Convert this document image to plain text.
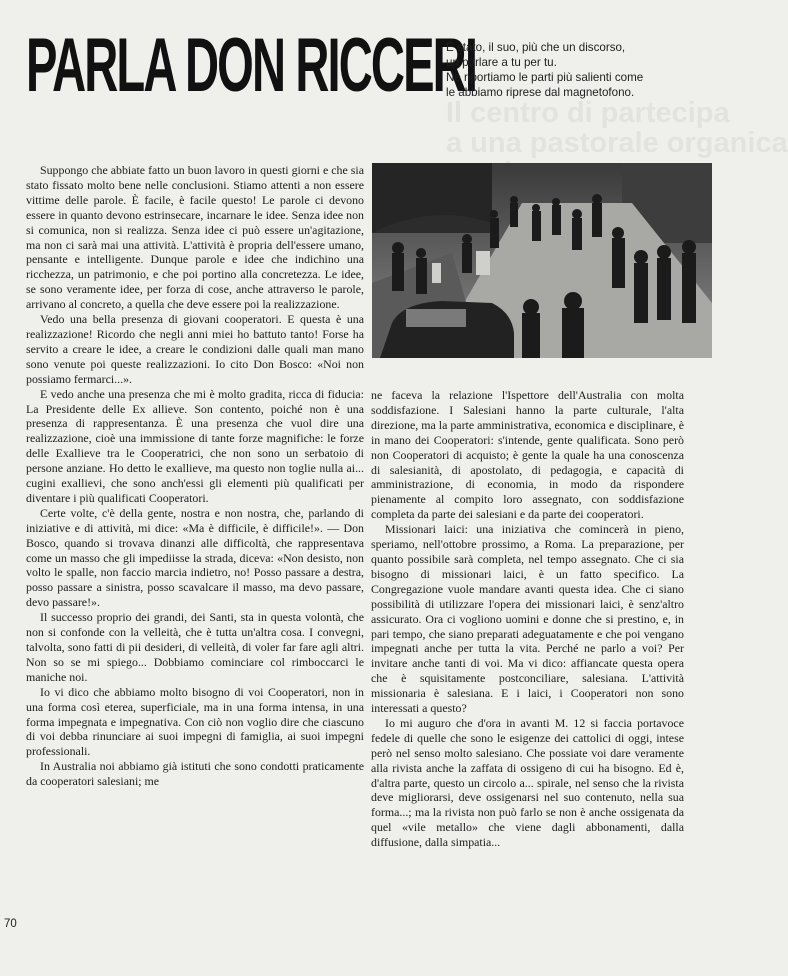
Il centro di partecipa
a una pastorale organica
PARLA DON RICCERI
È stato, il suo, più che un discorso,
un parlare a tu per tu.
Ne riportiamo le parti più salienti come
le abbiamo riprese dal magnetofono.

Suppongo che abbiate fatto un buon lavoro in questi giorni e che sia stato fissato molto bene nelle conclusioni. Stiamo attenti a non essere vittime delle parole. È facile, è facile questo! Le parole ci devono essere in quanto devono estrinsecare, incarnare le idee. Senza idee non si comunica, non si realizza. Senza idee ci può essere un'agitazione, ma non ci sarà mai una attività. L'attività è propria dell'essere umano, pensante e intelligente. Dunque parole e idee che indichino una ricchezza, un patrimonio, e che poi portino alla concretezza. Le idee, se sono veramente idee, per forza di cose, anche attraverso le parole, arrivano al concreto, a quella che deve essere poi la realizzazione.

Vedo una bella presenza di giovani cooperatori. E questa è una realizzazione! Ricordo che negli anni miei ho battuto tanto! Forse ha servito a creare le idee, a creare le condizioni dalle quali man mano sono venute poi queste realizzazioni. Io cito Don Bosco: «Noi non possiamo fermarci...».

E vedo anche una presenza che mi è molto gradita, ricca di fiducia: La Presidente delle Ex allieve. Son contento, poiché non è una presenza di rappresentanza. È una presenza che vuol dire una realizzazione, cioè una immissione di tante forze magnifiche: le forze delle Exallieve tra le Cooperatrici, che non sono un serbatoio di persone anziane. Ho detto le exallieve, ma questo non toglie nulla ai... cugini exallievi, che sono anch'essi gli elementi più qualificati per diventare i più qualificati Cooperatori.

Certe volte, c'è della gente, nostra e non nostra, che, parlando di iniziative e di attività, mi dice: «Ma è difficile, è difficile!». — Don Bosco, quando si trovava dinanzi alle difficoltà, che rappresentava come un masso che gli impediisse la strada, diceva: «Non desisto, non volto le spalle, non faccio marcia indietro, no! Posso passare a destra, posso passare a sinistra, posso scavalcare il masso, ma devo passare, devo passare!».

Il successo proprio dei grandi, dei Santi, sta in questa volontà, che non si confonde con la velleità, che è tutta un'altra cosa. I convegni, talvolta, sono fatti di pii desideri, di velleità, di voler far fare agli altri. Non so se mi spiego... Dobbiamo cominciare col rimboccarci le maniche noi.

Io vi dico che abbiamo molto bisogno di voi Cooperatori, non in una forma così eterea, superficiale, ma in una forma intensa, in una forma impegnata e impegnativa. Con ciò non voglio dire che ciascuno di voi debba rinunciare ai suoi impegni di famiglia, ai suoi impegni professionali.

In Australia noi abbiamo già istituti che sono condotti praticamente da cooperatori salesiani; me

ne faceva la relazione l'Ispettore dell'Australia con molta soddisfazione. I Salesiani hanno la parte culturale, l'alta direzione, ma la parte amministrativa, economica e disciplinare, è in mano dei Cooperatori: s'intende, gente qualificata. Sono però non Cooperatori di acquisto; è gente la quale ha una conoscenza di salesianità, di apostolato, di pedagogia, e capacità di amministrazione, di economia, in modo da rispondere pienamente al compito loro assegnato, con soddisfazione completa da parte dei salesiani e da parte dei cooperatori.

Missionari laici: una iniziativa che comincerà in pieno, speriamo, nell'ottobre prossimo, a Roma. La preparazione, per quanto possibile sarà completa, nel tempo assegnato. Che ci sia bisogno di missionari laici, è un fatto specifico. La Congregazione vuole mandare avanti questa idea. Che ci siano possibilità di utilizzare l'opera dei missionari laici, è senz'altro assicurato. Ora ci vogliono uomini e donne che si prestino, e, in pari tempo, che siano preparati adeguatamente e che poi vengano impegnati anche per tutta la vita. Perché ne parlo a voi? Per invitare anche tanti di voi. Ma vi dico: affiancate questa opera che è squisitamente postconciliare, salesiana. L'attività missionaria è salesiana. E i laici, i Cooperatori non sono interessati a questo?

Io mi auguro che d'ora in avanti M. 12 si faccia portavoce fedele di quelle che sono le esigenze dei cattolici di oggi, intese però nel senso molto salesiano. Che possiate voi dare veramente alla rivista anche la zaffata di ossigeno di cui ha bisogno. Ed è, d'altra parte, questo un circolo a... spirale, nel senso che la rivista deve migliorarsi, deve ossigenarsi nel suo contenuto, nella sua forma...; ma la rivista non può farlo se non è anche ossigenata da quel «vile metallo» che viene dagli abbonamenti, dalla diffusione, dalla simpatia...

70
